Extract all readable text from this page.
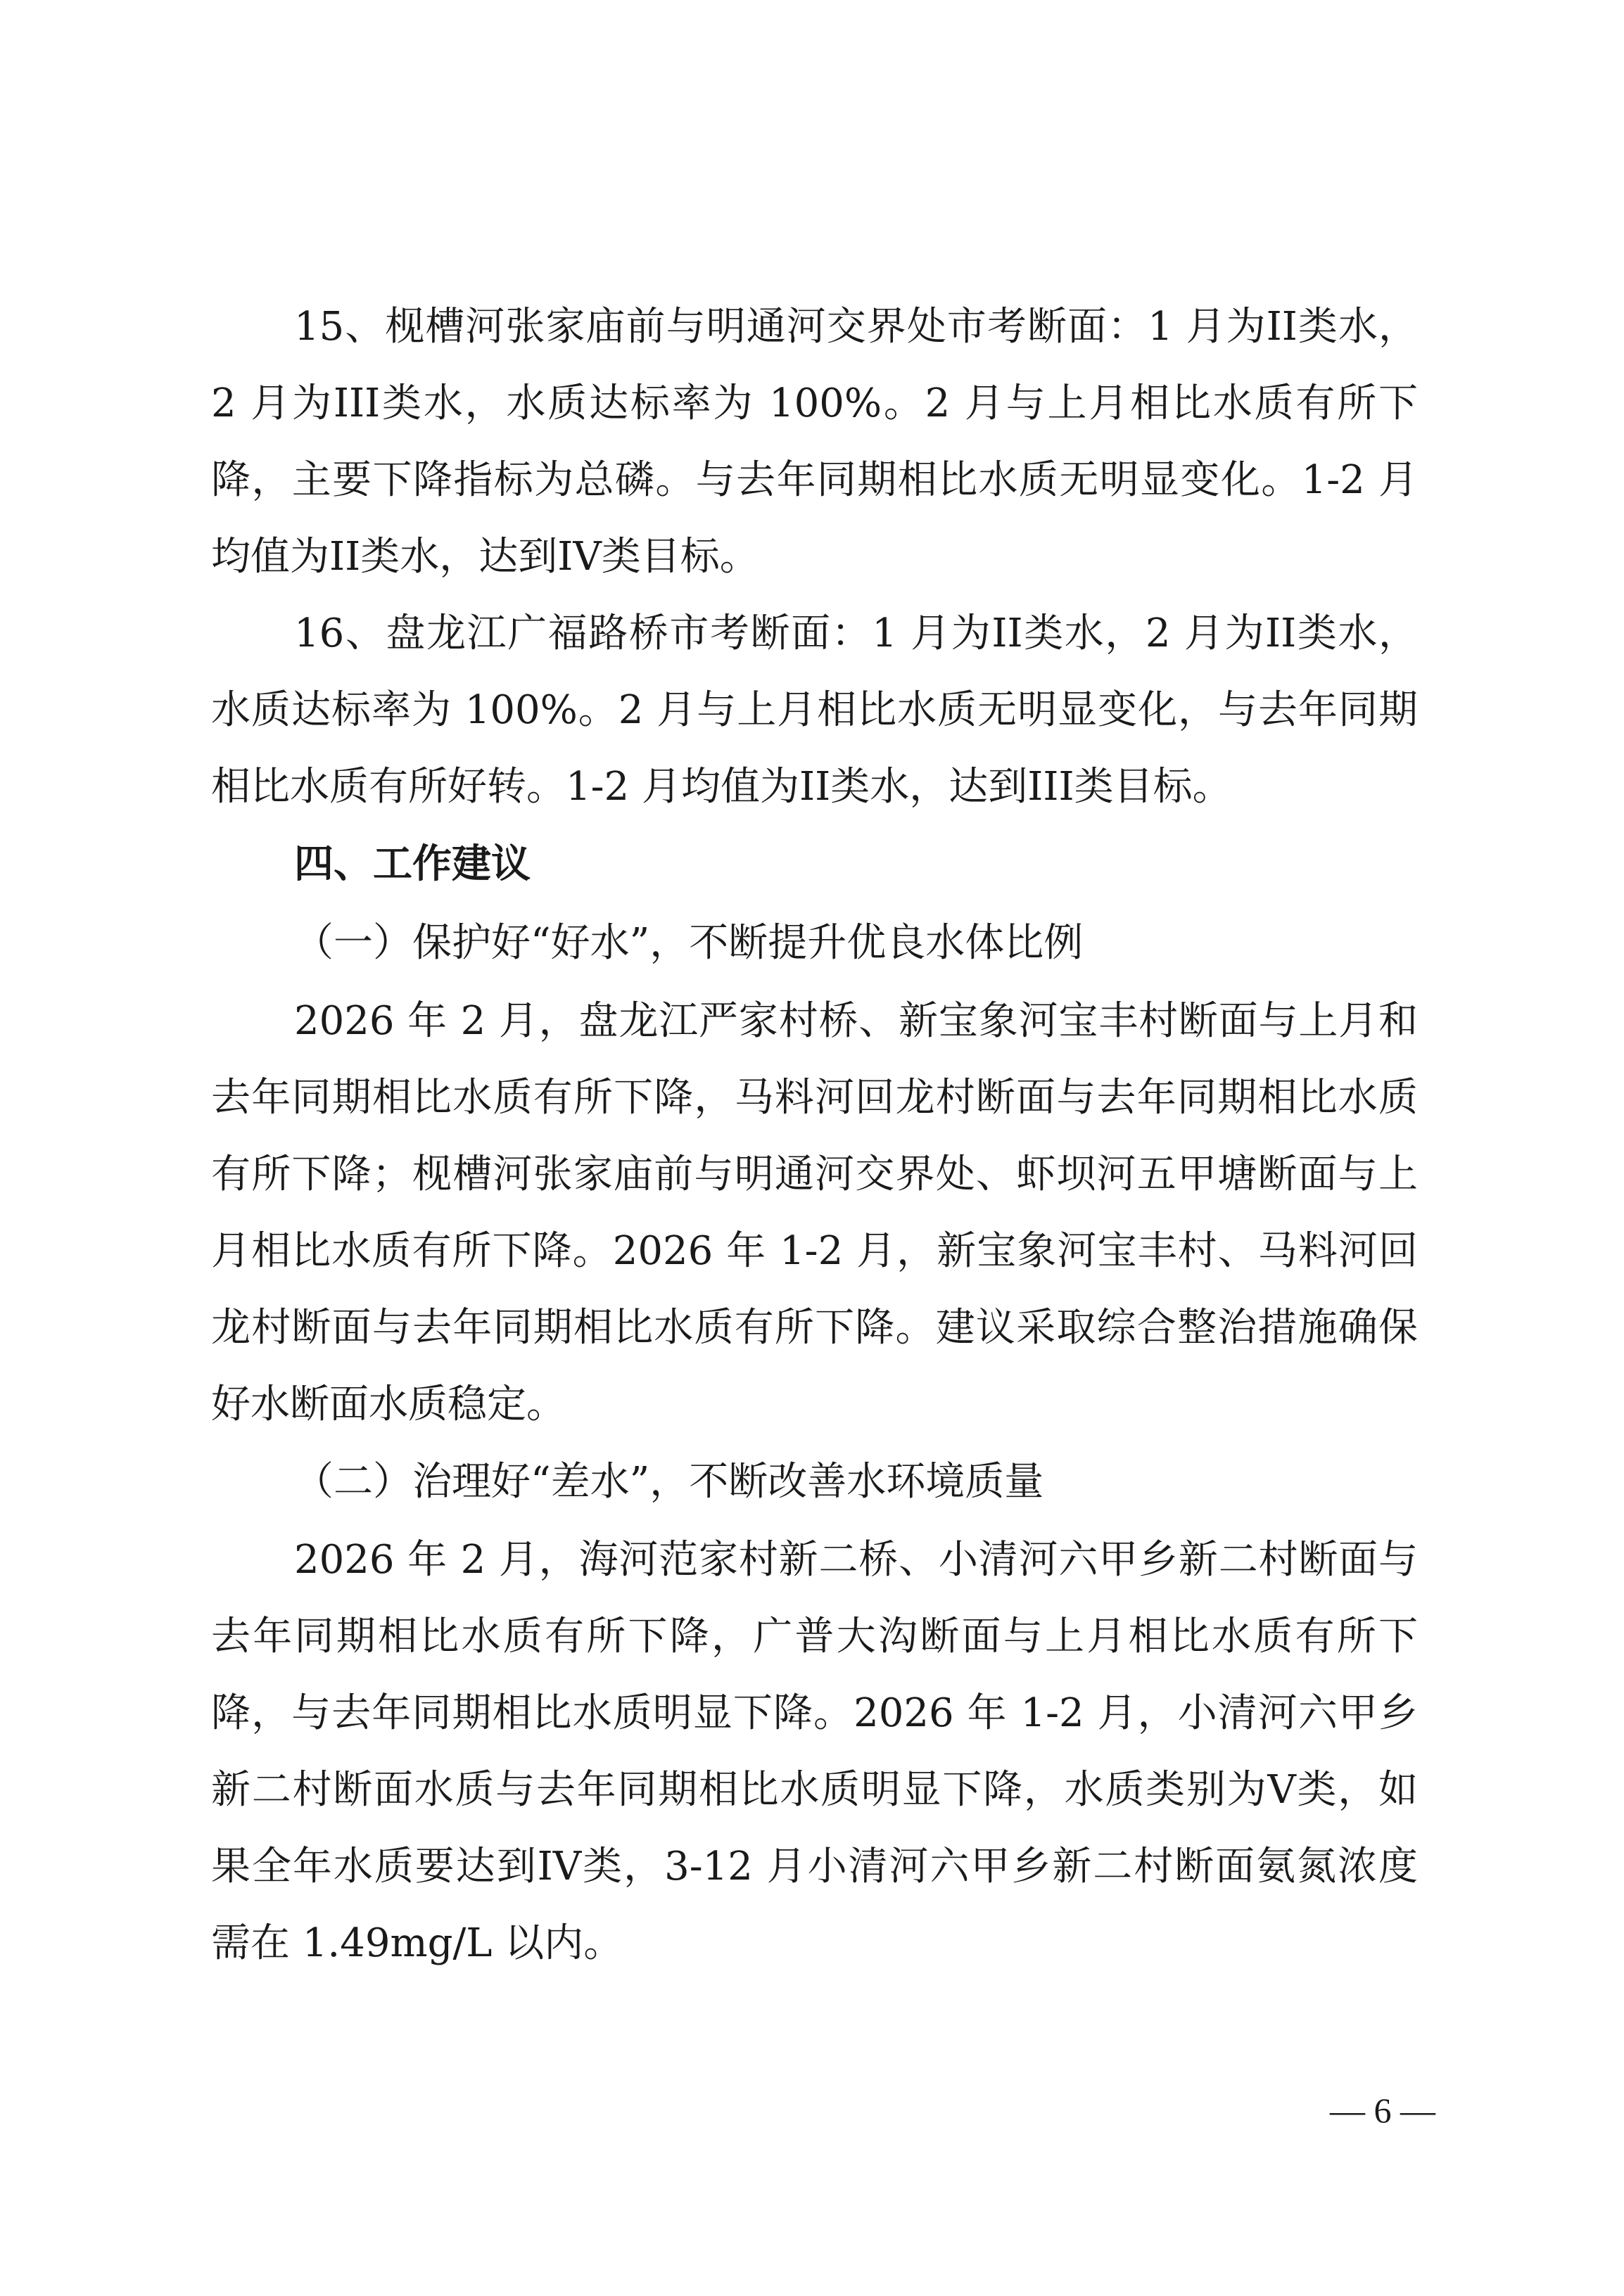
15、枧槽河张家庙前与明通河交界处市考断面：1 月为II类水，2 月为III类水，水质达标率为 100%。2 月与上月相比水质有所下降，主要下降指标为总磷。与去年同期相比水质无明显变化。1-2 月均值为II类水，达到IV类目标。

16、盘龙江广福路桥市考断面：1 月为II类水，2 月为II类水，水质达标率为 100%。2 月与上月相比水质无明显变化，与去年同期相比水质有所好转。1-2 月均值为II类水，达到III类目标。

四、工作建议

（一）保护好“好水”，不断提升优良水体比例

2026 年 2 月，盘龙江严家村桥、新宝象河宝丰村断面与上月和去年同期相比水质有所下降，马料河回龙村断面与去年同期相比水质有所下降；枧槽河张家庙前与明通河交界处、虾坝河五甲塘断面与上月相比水质有所下降。2026 年 1-2 月，新宝象河宝丰村、马料河回龙村断面与去年同期相比水质有所下降。建议采取综合整治措施确保好水断面水质稳定。

（二）治理好“差水”，不断改善水环境质量

2026 年 2 月，海河范家村新二桥、小清河六甲乡新二村断面与去年同期相比水质有所下降，广普大沟断面与上月相比水质有所下降，与去年同期相比水质明显下降。2026 年 1-2 月，小清河六甲乡新二村断面水质与去年同期相比水质明显下降，水质类别为V类，如果全年水质要达到IV类，3-12 月小清河六甲乡新二村断面氨氮浓度需在 1.49mg/L 以内。

— 6 —
